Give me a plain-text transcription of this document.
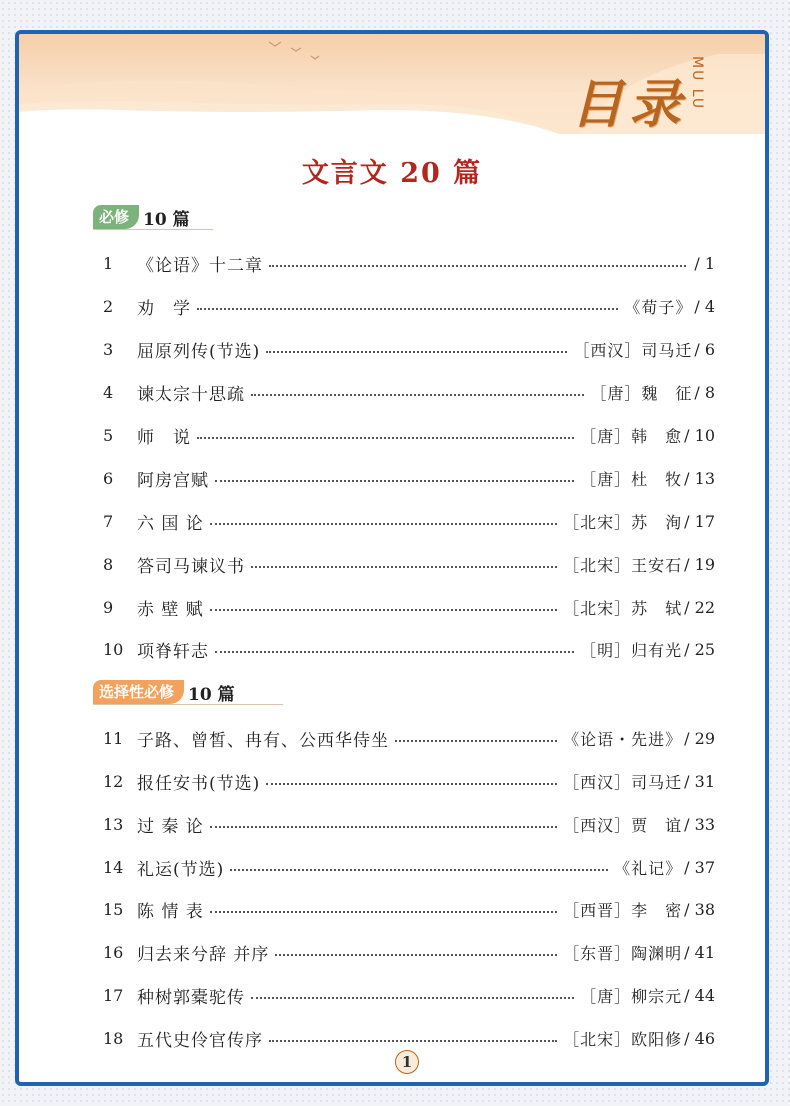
目录 MU LU
文言文 20 篇
必修 10 篇
1	《论语》十二章	/ 1
2	劝　学	《荀子》 / 4
3	屈原列传(节选)	［西汉］司马迁 / 6
4	谏太宗十思疏	［唐］魏　征 / 8
5	师　说	［唐］韩　愈 / 10
6	阿房宫赋	［唐］杜　牧 / 13
7	六 国 论	［北宋］苏　洵 / 17
8	答司马谏议书	［北宋］王安石 / 19
9	赤 壁 赋	［北宋］苏　轼 / 22
10 项脊轩志	［明］归有光 / 25
选择性必修 10 篇
11 子路、曾皙、冉有、公西华侍坐	《论语・先进》 / 29
12 报任安书(节选)	［西汉］司马迁 / 31
13 过 秦 论	［西汉］贾　谊 / 33
14 礼运(节选)	《礼记》 / 37
15 陈 情 表	［西晋］李　密 / 38
16 归去来兮辞 并序	［东晋］陶渊明 / 41
17 种树郭橐驼传	［唐］柳宗元 / 44
18 五代史伶官传序	［北宋］欧阳修 / 46
1
